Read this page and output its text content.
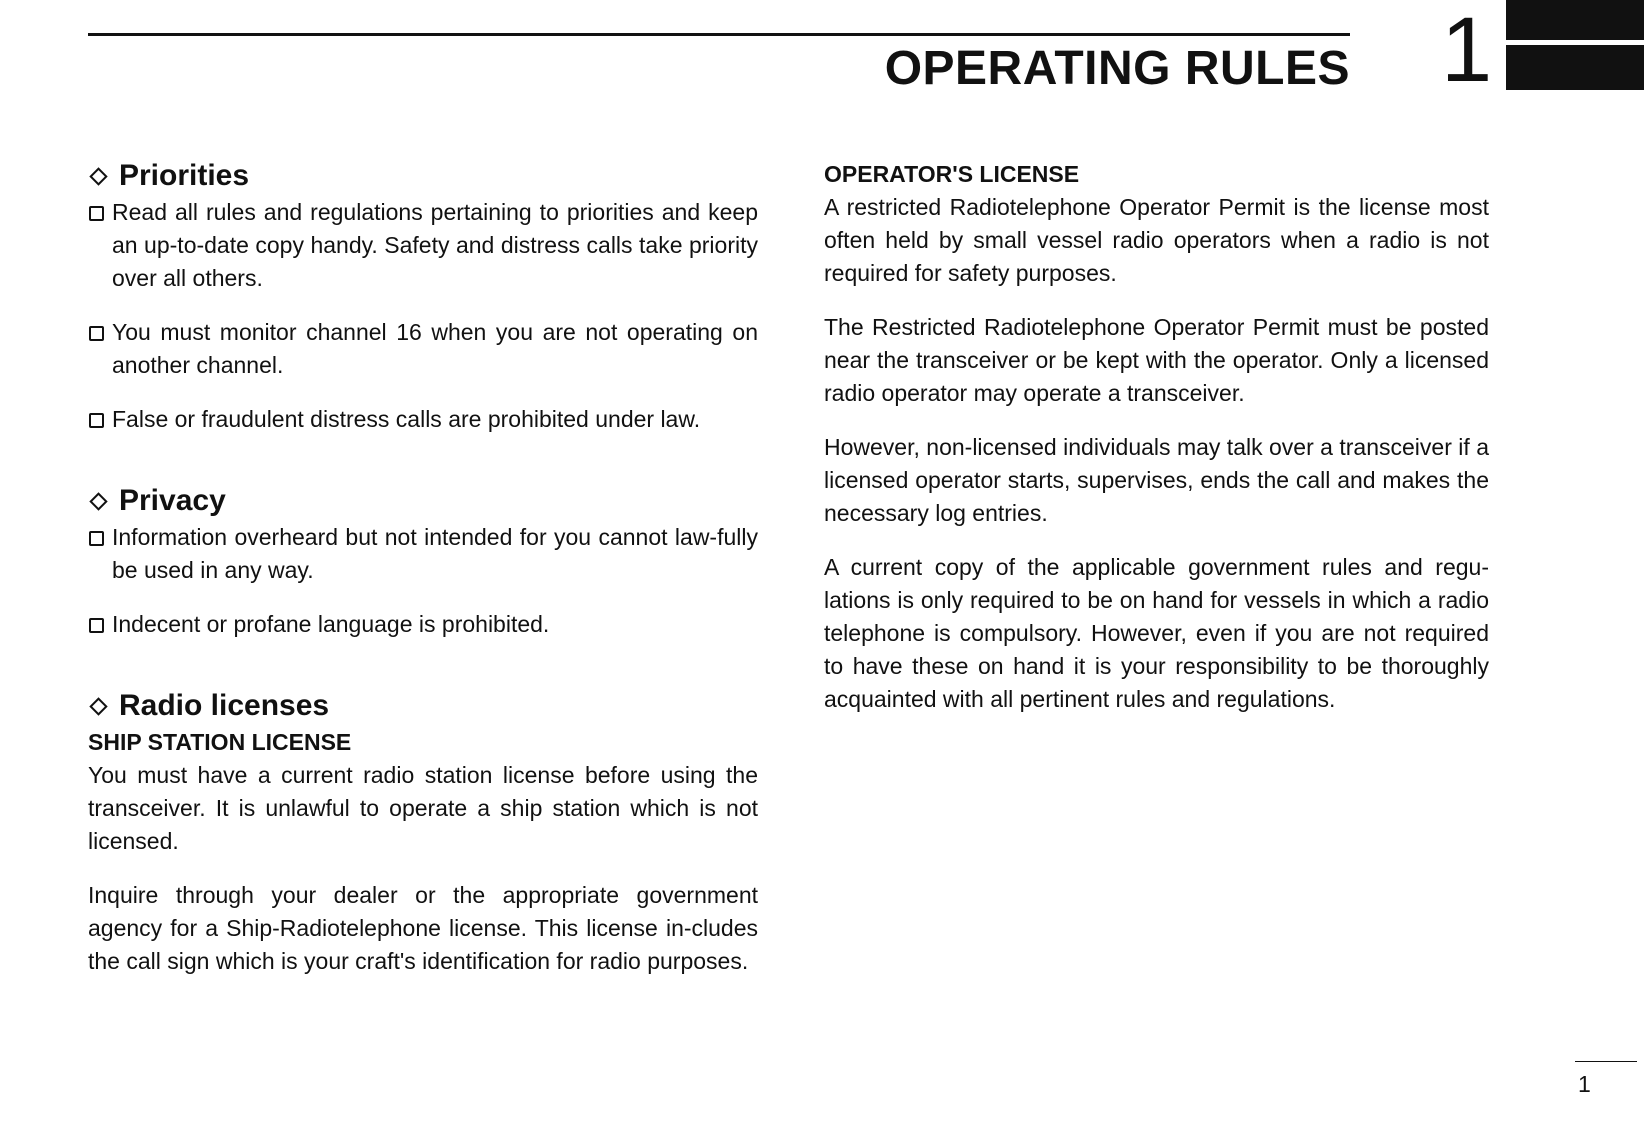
OPERATING RULES 1
Priorities
Read all rules and regulations pertaining to priorities and keep an up-to-date copy handy. Safety and distress calls take priority over all others.
You must monitor channel 16 when you are not operating on another channel.
False or fraudulent distress calls are prohibited under law.
Privacy
Information overheard but not intended for you cannot law-fully be used in any way.
Indecent or profane language is prohibited.
Radio licenses
SHIP STATION LICENSE

You must have a current radio station license before using the transceiver. It is unlawful to operate a ship station which is not licensed.

Inquire through your dealer or the appropriate government agency for a Ship-Radiotelephone license. This license in-cludes the call sign which is your craft's identification for radio purposes.

OPERATOR'S LICENSE

A restricted Radiotelephone Operator Permit is the license most often held by small vessel radio operators when a radio is not required for safety purposes.

The Restricted Radiotelephone Operator Permit must be posted near the transceiver or be kept with the operator. Only a licensed radio operator may operate a transceiver.

However, non-licensed individuals may talk over a transceiver if a licensed operator starts, supervises, ends the call and makes the necessary log entries.

A current copy of the applicable government rules and regu-lations is only required to be on hand for vessels in which a radio telephone is compulsory. However, even if you are not required to have these on hand it is your responsibility to be thoroughly acquainted with all pertinent rules and regulations.

1
